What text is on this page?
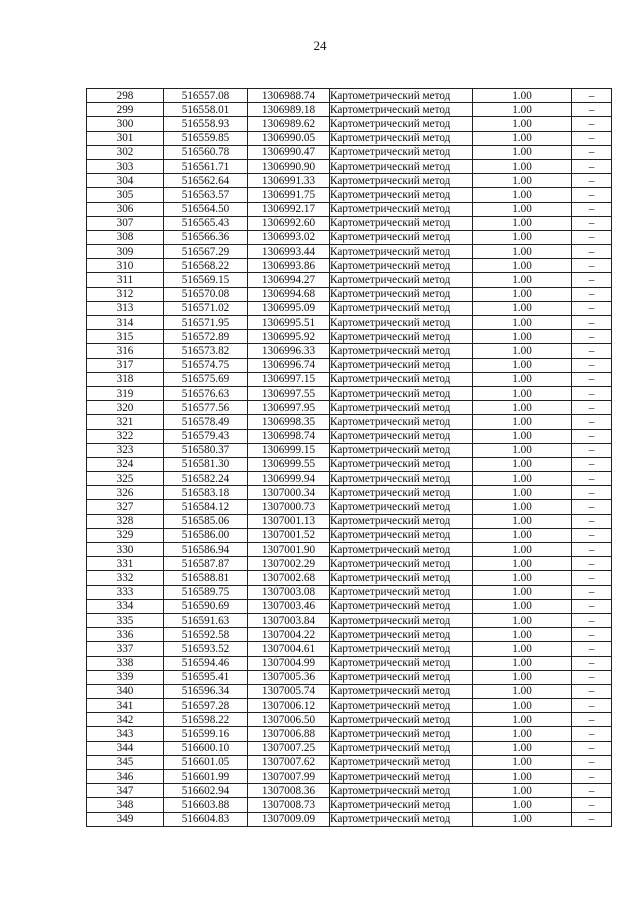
24
298	516557.08	1306988.74	Картометрический метод	1.00	–
299	516558.01	1306989.18	Картометрический метод	1.00	–
300	516558.93	1306989.62	Картометрический метод	1.00	–
301	516559.85	1306990.05	Картометрический метод	1.00	–
302	516560.78	1306990.47	Картометрический метод	1.00	–
303	516561.71	1306990.90	Картометрический метод	1.00	–
304	516562.64	1306991.33	Картометрический метод	1.00	–
305	516563.57	1306991.75	Картометрический метод	1.00	–
306	516564.50	1306992.17	Картометрический метод	1.00	–
307	516565.43	1306992.60	Картометрический метод	1.00	–
308	516566.36	1306993.02	Картометрический метод	1.00	–
309	516567.29	1306993.44	Картометрический метод	1.00	–
310	516568.22	1306993.86	Картометрический метод	1.00	–
311	516569.15	1306994.27	Картометрический метод	1.00	–
312	516570.08	1306994.68	Картометрический метод	1.00	–
313	516571.02	1306995.09	Картометрический метод	1.00	–
314	516571.95	1306995.51	Картометрический метод	1.00	–
315	516572.89	1306995.92	Картометрический метод	1.00	–
316	516573.82	1306996.33	Картометрический метод	1.00	–
317	516574.75	1306996.74	Картометрический метод	1.00	–
318	516575.69	1306997.15	Картометрический метод	1.00	–
319	516576.63	1306997.55	Картометрический метод	1.00	–
320	516577.56	1306997.95	Картометрический метод	1.00	–
321	516578.49	1306998.35	Картометрический метод	1.00	–
322	516579.43	1306998.74	Картометрический метод	1.00	–
323	516580.37	1306999.15	Картометрический метод	1.00	–
324	516581.30	1306999.55	Картометрический метод	1.00	–
325	516582.24	1306999.94	Картометрический метод	1.00	–
326	516583.18	1307000.34	Картометрический метод	1.00	–
327	516584.12	1307000.73	Картометрический метод	1.00	–
328	516585.06	1307001.13	Картометрический метод	1.00	–
329	516586.00	1307001.52	Картометрический метод	1.00	–
330	516586.94	1307001.90	Картометрический метод	1.00	–
331	516587.87	1307002.29	Картометрический метод	1.00	–
332	516588.81	1307002.68	Картометрический метод	1.00	–
333	516589.75	1307003.08	Картометрический метод	1.00	–
334	516590.69	1307003.46	Картометрический метод	1.00	–
335	516591.63	1307003.84	Картометрический метод	1.00	–
336	516592.58	1307004.22	Картометрический метод	1.00	–
337	516593.52	1307004.61	Картометрический метод	1.00	–
338	516594.46	1307004.99	Картометрический метод	1.00	–
339	516595.41	1307005.36	Картометрический метод	1.00	–
340	516596.34	1307005.74	Картометрический метод	1.00	–
341	516597.28	1307006.12	Картометрический метод	1.00	–
342	516598.22	1307006.50	Картометрический метод	1.00	–
343	516599.16	1307006.88	Картометрический метод	1.00	–
344	516600.10	1307007.25	Картометрический метод	1.00	–
345	516601.05	1307007.62	Картометрический метод	1.00	–
346	516601.99	1307007.99	Картометрический метод	1.00	–
347	516602.94	1307008.36	Картометрический метод	1.00	–
348	516603.88	1307008.73	Картометрический метод	1.00	–
349	516604.83	1307009.09	Картометрический метод	1.00	–
